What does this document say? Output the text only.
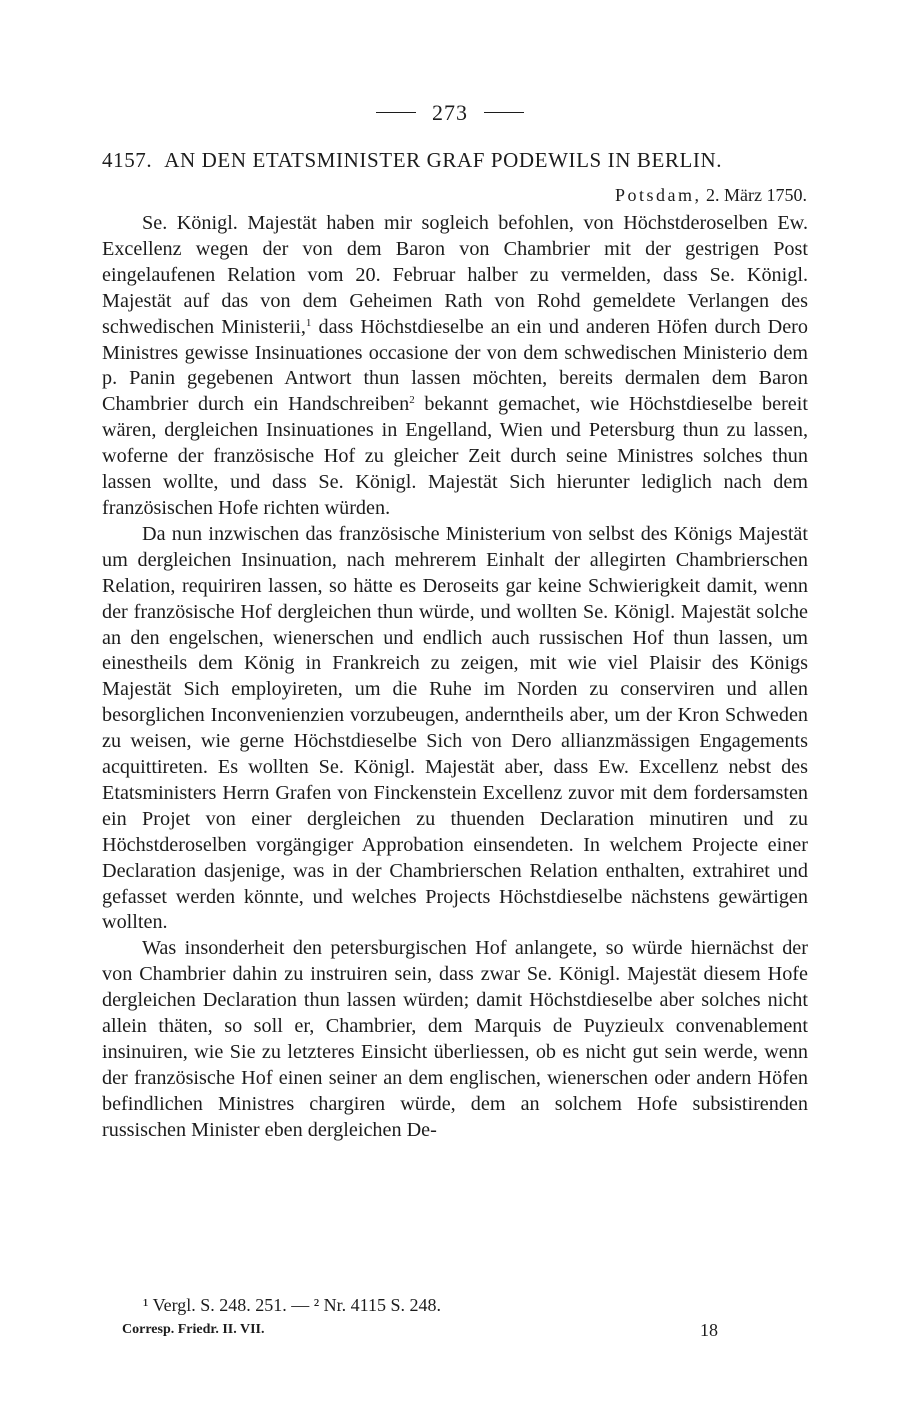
273
4157. AN DEN ETATSMINISTER GRAF PODEWILS IN BERLIN.
Potsdam, 2. März 1750.

Se. Königl. Majestät haben mir sogleich befohlen, von Höchstderoselben Ew. Excellenz wegen der von dem Baron von Chambrier mit der gestrigen Post eingelaufenen Relation vom 20. Februar halber zu vermelden, dass Se. Königl. Majestät auf das von dem Geheimen Rath von Rohd gemeldete Verlangen des schwedischen Ministerii,$^1$ dass Höchstdieselbe an ein und anderen Höfen durch Dero Ministres gewisse Insinuationes occasione der von dem schwedischen Ministerio dem p. Panin gegebenen Antwort thun lassen möchten, bereits dermalen dem Baron Chambrier durch ein Handschreiben$^2$ bekannt gemachet, wie Höchstdieselbe bereit wären, dergleichen Insinuationes in Engelland, Wien und Petersburg thun zu lassen, woferne der französische Hof zu gleicher Zeit durch seine Ministres solches thun lassen wollte, und dass Se. Königl. Majestät Sich hierunter lediglich nach dem französischen Hofe richten würden.

Da nun inzwischen das französische Ministerium von selbst des Königs Majestät um dergleichen Insinuation, nach mehrerem Einhalt der allegirten Chambrierschen Relation, requiriren lassen, so hätte es Deroseits gar keine Schwierigkeit damit, wenn der französische Hof dergleichen thun würde, und wollten Se. Königl. Majestät solche an den engelschen, wienerschen und endlich auch russischen Hof thun lassen, um einestheils dem König in Frankreich zu zeigen, mit wie viel Plaisir des Königs Majestät Sich employireten, um die Ruhe im Norden zu conserviren und allen besorglichen Inconvenienzien vorzubeugen, anderntheils aber, um der Kron Schweden zu weisen, wie gerne Höchstdieselbe Sich von Dero allianzmässigen Engagements acquittireten. Es wollten Se. Königl. Majestät aber, dass Ew. Excellenz nebst des Etatsministers Herrn Grafen von Finckenstein Excellenz zuvor mit dem fordersamsten ein Projet von einer dergleichen zu thuenden Declaration minutiren und zu Höchstderoselben vorgängiger Approbation einsendeten. In welchem Projecte einer Declaration dasjenige, was in der Chambrierschen Relation enthalten, extrahiret und gefasset werden könnte, und welches Projects Höchstdieselbe nächstens gewärtigen wollten.

Was insonderheit den petersburgischen Hof anlangete, so würde hiernächst der von Chambrier dahin zu instruiren sein, dass zwar Se. Königl. Majestät diesem Hofe dergleichen Declaration thun lassen würden; damit Höchstdieselbe aber solches nicht allein thäten, so soll er, Chambrier, dem Marquis de Puyzieulx convenablement insinuiren, wie Sie zu letzteres Einsicht überliessen, ob es nicht gut sein werde, wenn der französische Hof einen seiner an dem englischen, wienerschen oder andern Höfen befindlichen Ministres chargiren würde, dem an solchem Hofe subsistirenden russischen Minister eben dergleichen De-

¹ Vergl. S. 248. 251. — ² Nr. 4115 S. 248.
Corresp. Friedr. II. VII.	18
